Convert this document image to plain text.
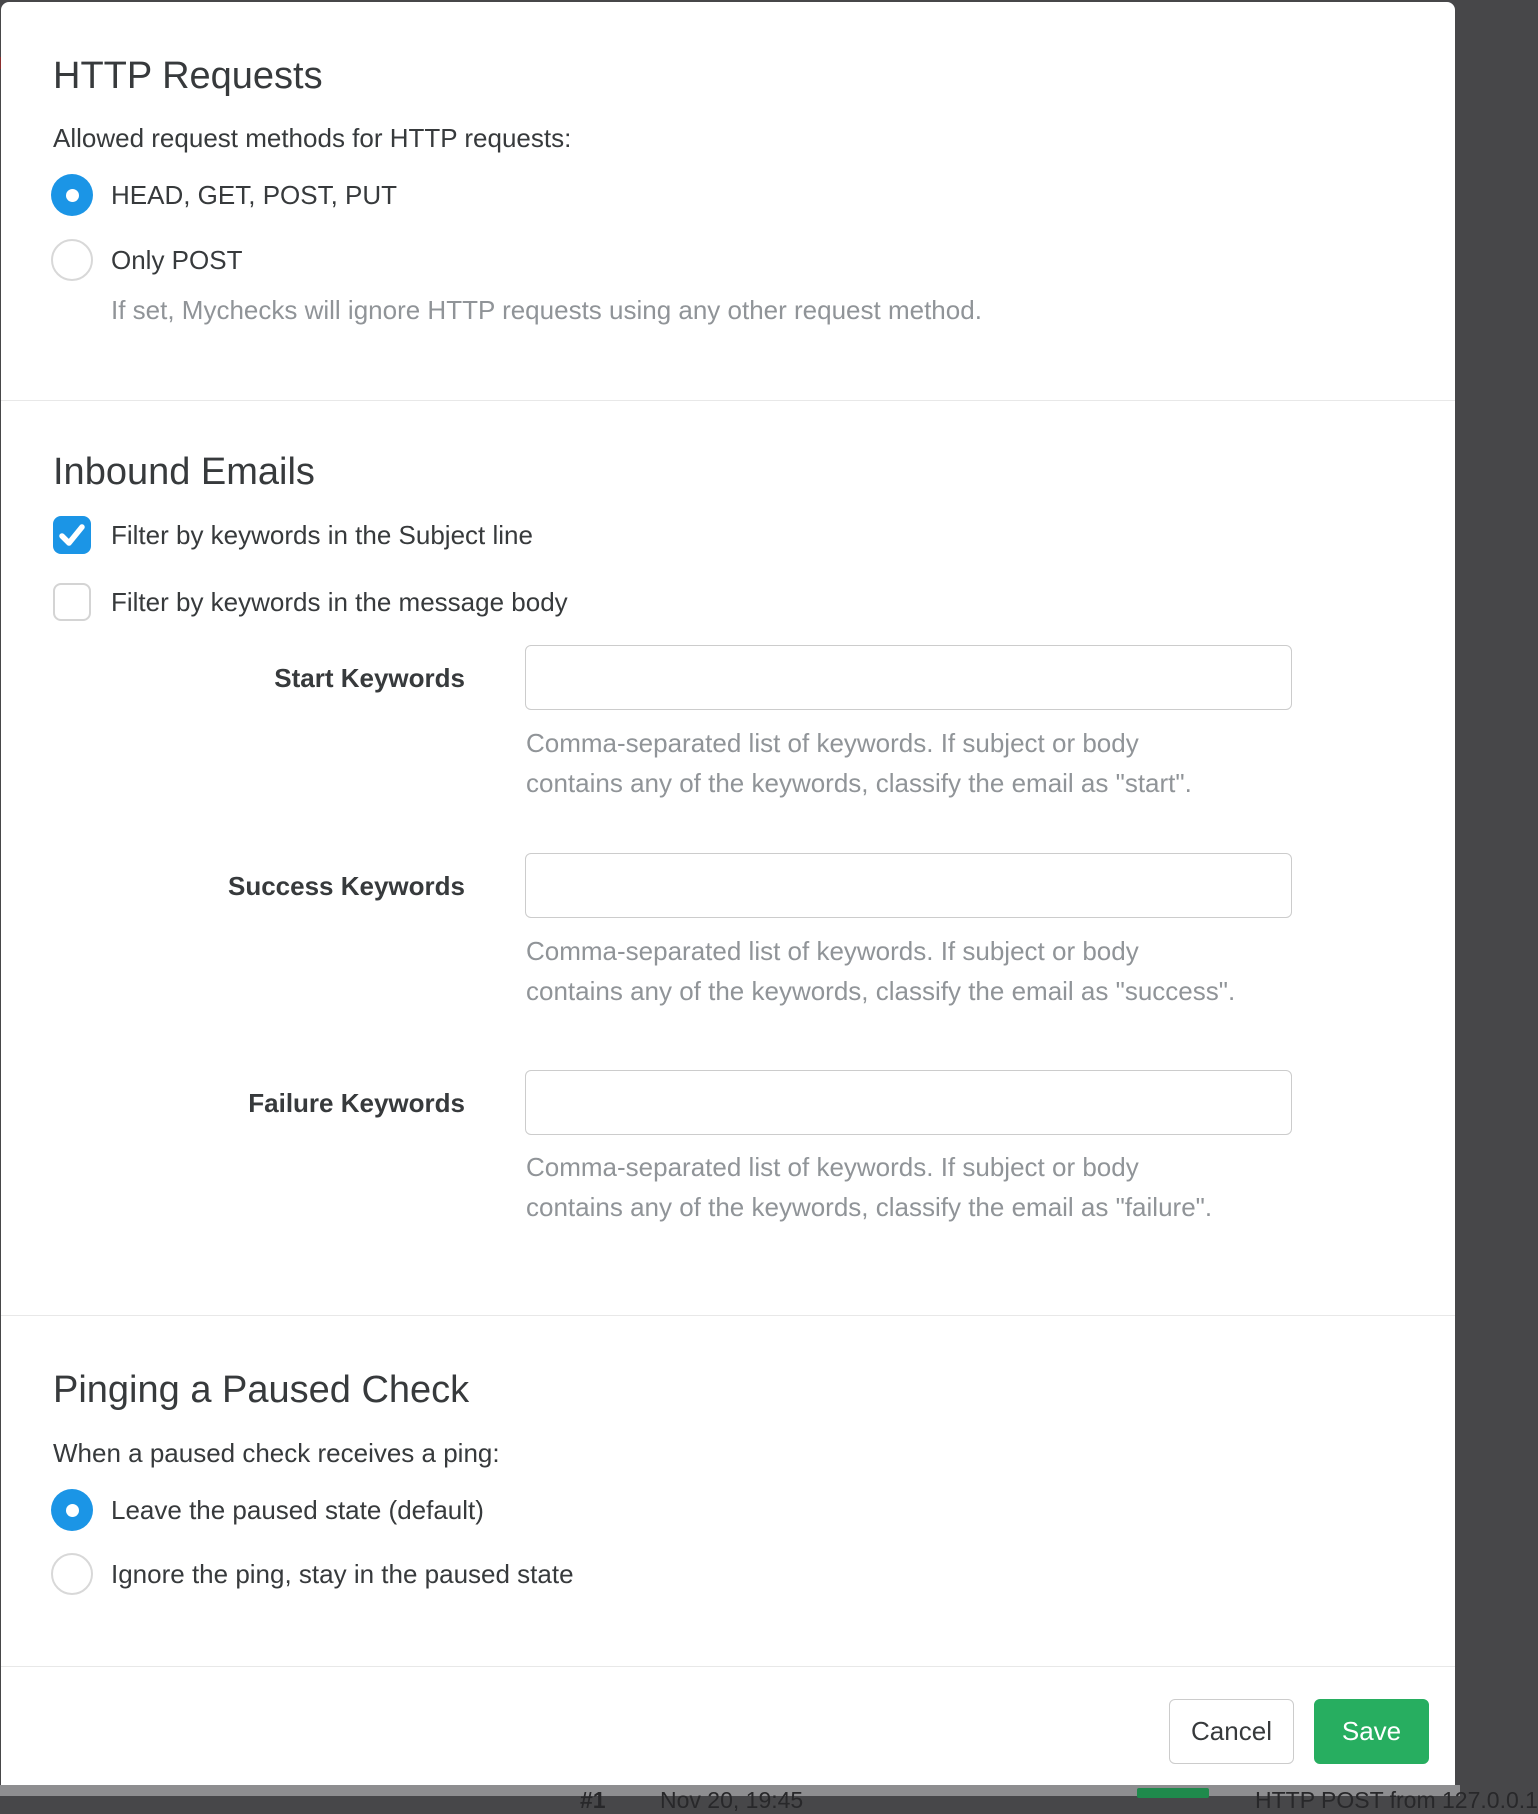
#1 Nov 20, 19:45	HTTP POST from 127.0.0.1
HTTP Requests
Allowed request methods for HTTP requests:
HEAD, GET, POST, PUT
Only POST
If set, Mychecks will ignore HTTP requests using any other request method.
Inbound Emails
Filter by keywords in the Subject line
Filter by keywords in the message body
Start Keywords
Comma-separated list of keywords. If subject or body
contains any of the keywords, classify the email as "start".
Success Keywords
Comma-separated list of keywords. If subject or body
contains any of the keywords, classify the email as "success".
Failure Keywords
Comma-separated list of keywords. If subject or body
contains any of the keywords, classify the email as "failure".
Pinging a Paused Check
When a paused check receives a ping:
Leave the paused state (default)
Ignore the ping, stay in the paused state
Cancel	Save
